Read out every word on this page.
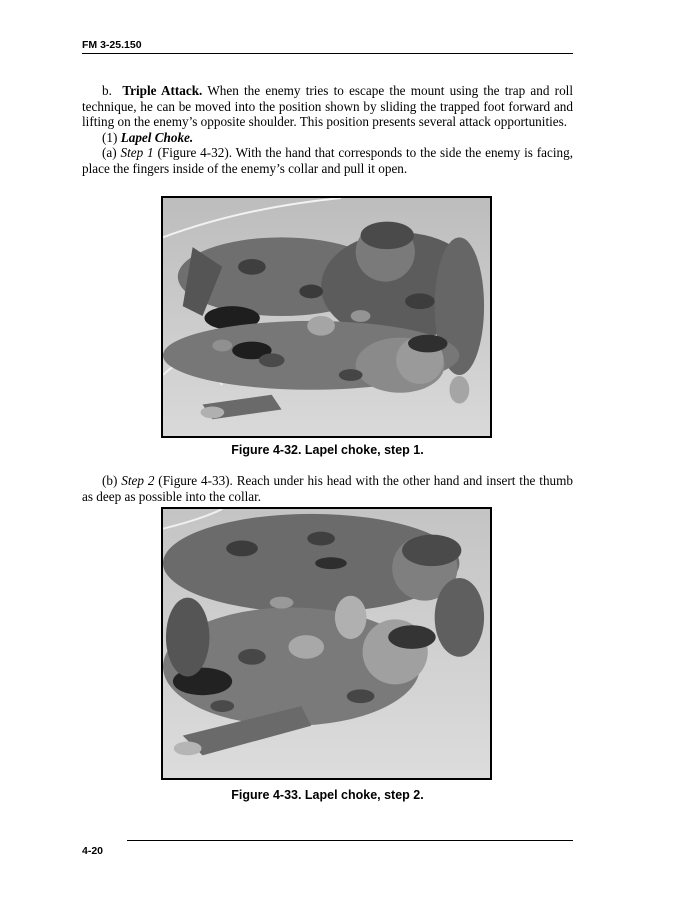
FM 3-25.150

b. Triple Attack. When the enemy tries to escape the mount using the trap and roll technique, he can be moved into the position shown by sliding the trapped foot forward and lifting on the enemy’s opposite shoulder. This position presents several attack opportunities.

(1) Lapel Choke.

(a) Step 1 (Figure 4-32). With the hand that corresponds to the side the enemy is facing, place the fingers inside of the enemy’s collar and pull it open.

Figure 4-32. Lapel choke, step 1.

(b) Step 2 (Figure 4-33). Reach under his head with the other hand and insert the thumb as deep as possible into the collar.

Figure 4-33. Lapel choke, step 2.
4-20
